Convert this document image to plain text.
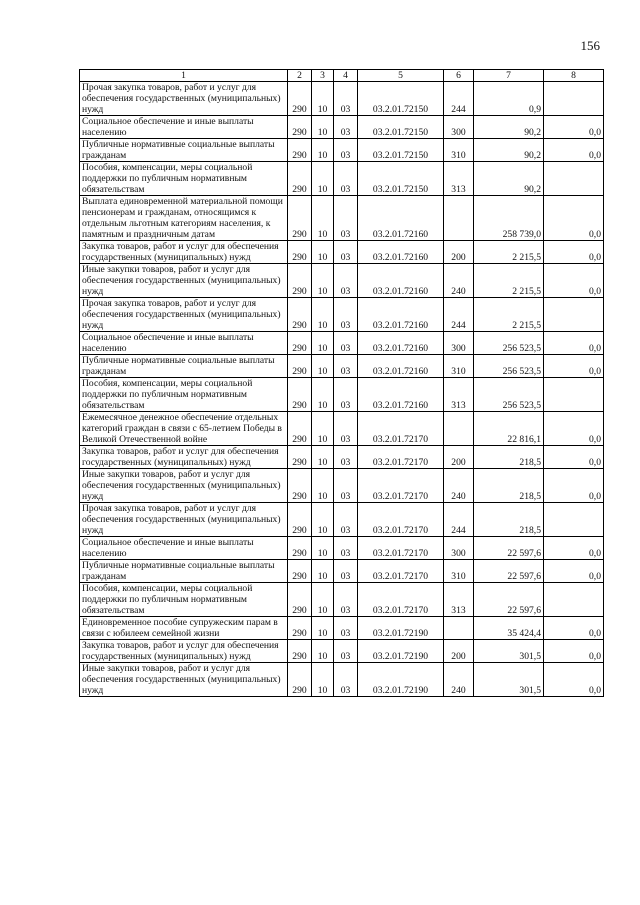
156
1	2	3	4	5	6	7	8
Прочая закупка товаров, работ и услуг для обеспечения государственных (муниципальных) нужд	290	10	03	03.2.01.72150	244	0,9	
Социальное обеспечение и иные выплаты населению	290	10	03	03.2.01.72150	300	90,2	0,0
Публичные нормативные социальные выплаты гражданам	290	10	03	03.2.01.72150	310	90,2	0,0
Пособия, компенсации, меры социальной поддержки по публичным нормативным обязательствам	290	10	03	03.2.01.72150	313	90,2	
Выплата единовременной материальной помощи пенсионерам и гражданам, относящимся к отдельным льготным категориям населения, к памятным и праздничным датам	290	10	03	03.2.01.72160		258 739,0	0,0
Закупка товаров, работ и услуг для обеспечения государственных (муниципальных) нужд	290	10	03	03.2.01.72160	200	2 215,5	0,0
Иные закупки товаров, работ и услуг для обеспечения государственных (муниципальных) нужд	290	10	03	03.2.01.72160	240	2 215,5	0,0
Прочая закупка товаров, работ и услуг для обеспечения государственных (муниципальных) нужд	290	10	03	03.2.01.72160	244	2 215,5	
Социальное обеспечение и иные выплаты населению	290	10	03	03.2.01.72160	300	256 523,5	0,0
Публичные нормативные социальные выплаты гражданам	290	10	03	03.2.01.72160	310	256 523,5	0,0
Пособия, компенсации, меры социальной поддержки по публичным нормативным обязательствам	290	10	03	03.2.01.72160	313	256 523,5	
Ежемесячное денежное обеспечение отдельных категорий граждан в связи с 65-летием Победы в Великой Отечественной войне	290	10	03	03.2.01.72170		22 816,1	0,0
Закупка товаров, работ и услуг для обеспечения государственных (муниципальных) нужд	290	10	03	03.2.01.72170	200	218,5	0,0
Иные закупки товаров, работ и услуг для обеспечения государственных (муниципальных) нужд	290	10	03	03.2.01.72170	240	218,5	0,0
Прочая закупка товаров, работ и услуг для обеспечения государственных (муниципальных) нужд	290	10	03	03.2.01.72170	244	218,5	
Социальное обеспечение и иные выплаты населению	290	10	03	03.2.01.72170	300	22 597,6	0,0
Публичные нормативные социальные выплаты гражданам	290	10	03	03.2.01.72170	310	22 597,6	0,0
Пособия, компенсации, меры социальной поддержки по публичным нормативным обязательствам	290	10	03	03.2.01.72170	313	22 597,6	
Единовременное пособие супружеским парам в связи с юбилеем семейной жизни	290	10	03	03.2.01.72190		35 424,4	0,0
Закупка товаров, работ и услуг для обеспечения государственных (муниципальных) нужд	290	10	03	03.2.01.72190	200	301,5	0,0
Иные закупки товаров, работ и услуг для обеспечения государственных (муниципальных) нужд	290	10	03	03.2.01.72190	240	301,5	0,0
